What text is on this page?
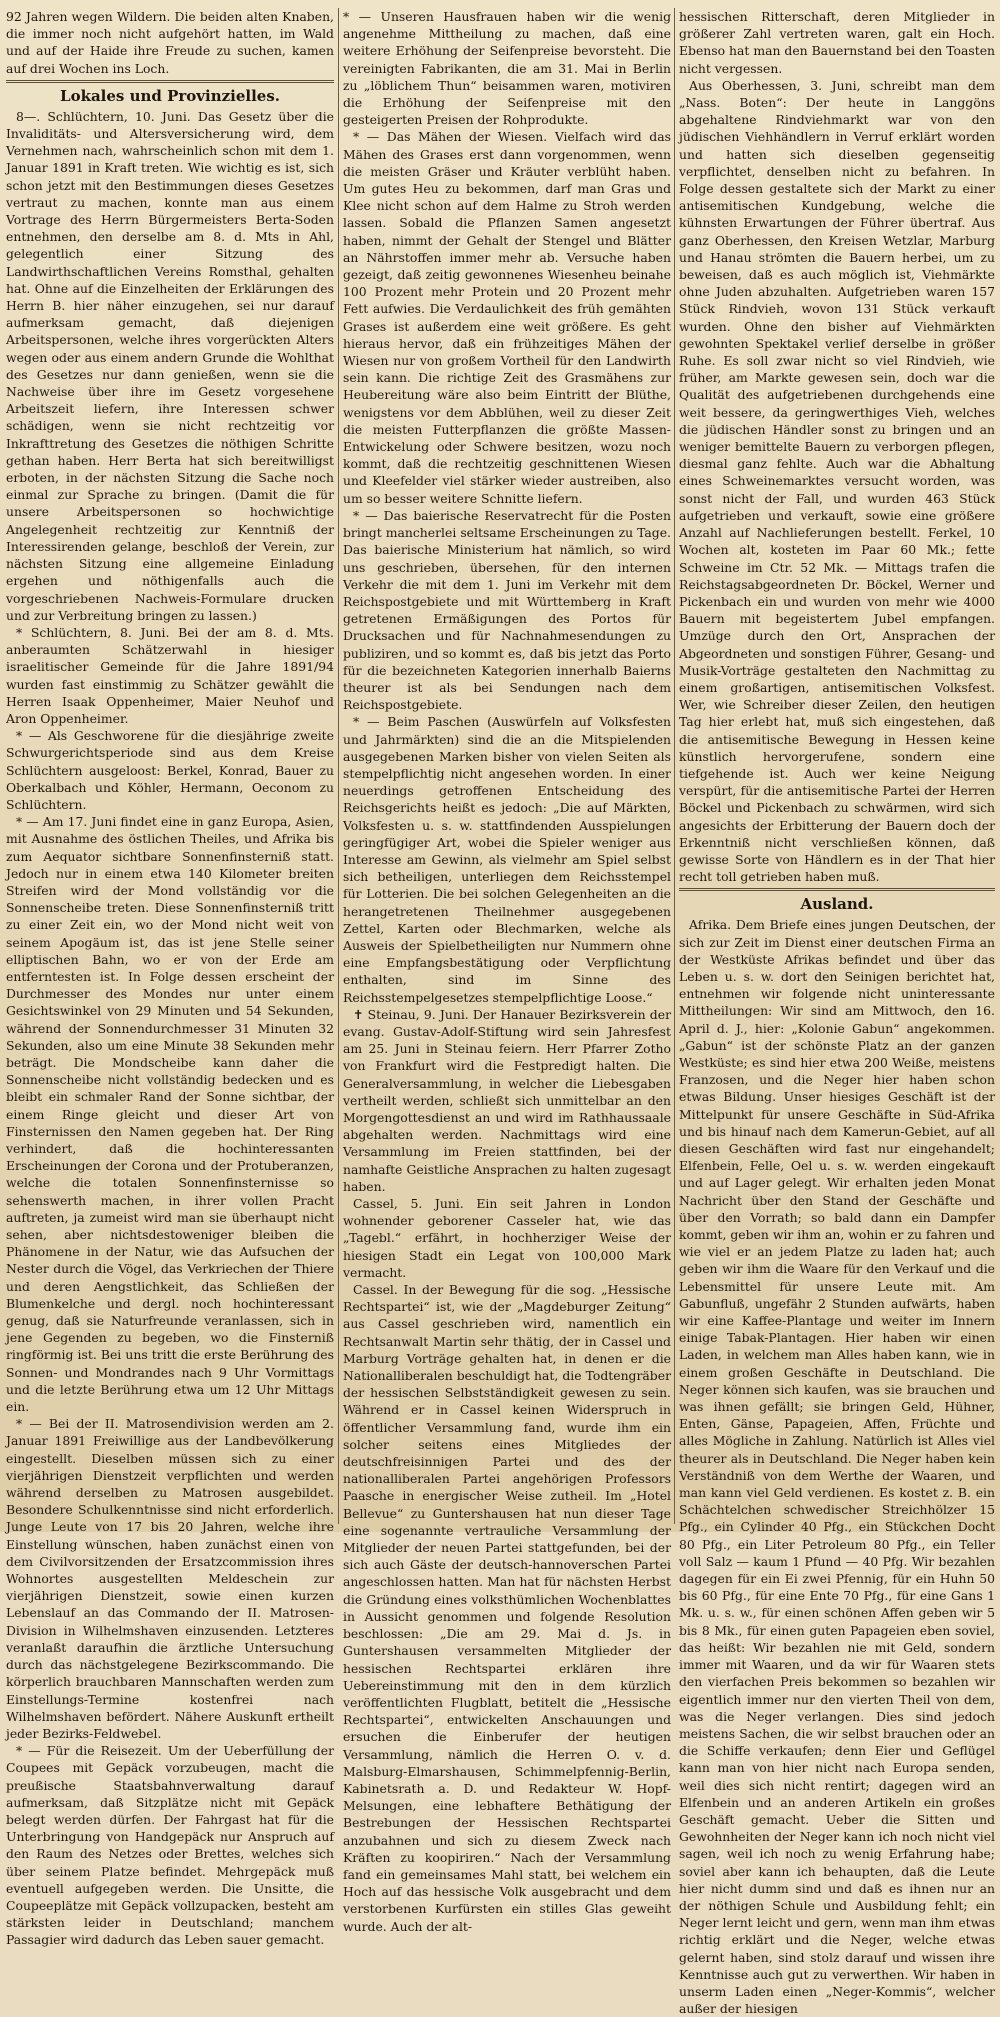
92 Jahren wegen Wildern. Die beiden alten Knaben, die immer noch nicht aufgehört hatten, im Wald und auf der Haide ihre Freude zu suchen, kamen auf drei Wochen ins Loch.

Lokales und Provinzielles.

8—. Schlüchtern, 10. Juni. Das Gesetz über die Invaliditäts- und Altersversicherung wird, dem Vernehmen nach, wahrscheinlich schon mit dem 1. Januar 1891 in Kraft treten. Wie wichtig es ist, sich schon jetzt mit den Bestimmungen dieses Gesetzes vertraut zu machen, konnte man aus einem Vortrage des Herrn Bürgermeisters Berta-Soden entnehmen, den derselbe am 8. d. Mts in Ahl, gelegentlich einer Sitzung des Landwirthschaftlichen Vereins Romsthal, gehalten hat. Ohne auf die Einzelheiten der Erklärungen des Herrn B. hier näher einzugehen, sei nur darauf aufmerksam gemacht, daß diejenigen Arbeitspersonen, welche ihres vorgerückten Alters wegen oder aus einem andern Grunde die Wohlthat des Gesetzes nur dann genießen, wenn sie die Nachweise über ihre im Gesetz vorgesehene Arbeitszeit liefern, ihre Interessen schwer schädigen, wenn sie nicht rechtzeitig vor Inkrafttretung des Gesetzes die nöthigen Schritte gethan haben. Herr Berta hat sich bereitwilligst erboten, in der nächsten Sitzung die Sache noch einmal zur Sprache zu bringen. (Damit die für unsere Arbeitspersonen so hochwichtige Angelegenheit rechtzeitig zur Kenntniß der Interessirenden gelange, beschloß der Verein, zur nächsten Sitzung eine allgemeine Einladung ergehen und nöthigenfalls auch die vorgeschriebenen Nachweis-Formulare drucken und zur Verbreitung bringen zu lassen.)

* Schlüchtern, 8. Juni. Bei der am 8. d. Mts. anberaumten Schätzerwahl in hiesiger israelitischer Gemeinde für die Jahre 1891/94 wurden fast einstimmig zu Schätzer gewählt die Herren Isaak Oppenheimer, Maier Neuhof und Aron Oppenheimer.

* — Als Geschworene für die diesjährige zweite Schwurgerichtsperiode sind aus dem Kreise Schlüchtern ausgeloost: Berkel, Konrad, Bauer zu Oberkalbach und Köhler, Hermann, Oeconom zu Schlüchtern.

* — Am 17. Juni findet eine in ganz Europa, Asien, mit Ausnahme des östlichen Theiles, und Afrika bis zum Aequator sichtbare Sonnenfinsterniß statt. Jedoch nur in einem etwa 140 Kilometer breiten Streifen wird der Mond vollständig vor die Sonnenscheibe treten. Diese Sonnenfinsterniß tritt zu einer Zeit ein, wo der Mond nicht weit von seinem Apogäum ist, das ist jene Stelle seiner elliptischen Bahn, wo er von der Erde am entferntesten ist. In Folge dessen erscheint der Durchmesser des Mondes nur unter einem Gesichtswinkel von 29 Minuten und 54 Sekunden, während der Sonnendurchmesser 31 Minuten 32 Sekunden, also um eine Minute 38 Sekunden mehr beträgt. Die Mondscheibe kann daher die Sonnenscheibe nicht vollständig bedecken und es bleibt ein schmaler Rand der Sonne sichtbar, der einem Ringe gleicht und dieser Art von Finsternissen den Namen gegeben hat. Der Ring verhindert, daß die hochinteressanten Erscheinungen der Corona und der Protuberanzen, welche die totalen Sonnenfinsternisse so sehenswerth machen, in ihrer vollen Pracht auftreten, ja zumeist wird man sie überhaupt nicht sehen, aber nichtsdestoweniger bleiben die Phänomene in der Natur, wie das Aufsuchen der Nester durch die Vögel, das Verkriechen der Thiere und deren Aengstlichkeit, das Schließen der Blumenkelche und dergl. noch hochinteressant genug, daß sie Naturfreunde veranlassen, sich in jene Gegenden zu begeben, wo die Finsterniß ringförmig ist. Bei uns tritt die erste Berührung des Sonnen- und Mondrandes nach 9 Uhr Vormittags und die letzte Berührung etwa um 12 Uhr Mittags ein.

* — Bei der II. Matrosendivision werden am 2. Januar 1891 Freiwillige aus der Landbevölkerung eingestellt. Dieselben müssen sich zu einer vierjährigen Dienstzeit verpflichten und werden während derselben zu Matrosen ausgebildet. Besondere Schulkenntnisse sind nicht erforderlich. Junge Leute von 17 bis 20 Jahren, welche ihre Einstellung wünschen, haben zunächst einen von dem Civilvorsitzenden der Ersatzcommission ihres Wohnortes ausgestellten Meldeschein zur vierjährigen Dienstzeit, sowie einen kurzen Lebenslauf an das Commando der II. Matrosen-Division in Wilhelmshaven einzusenden. Letzteres veranlaßt daraufhin die ärztliche Untersuchung durch das nächstgelegene Bezirkscommando. Die körperlich brauchbaren Mannschaften werden zum Einstellungs-Termine kostenfrei nach Wilhelmshaven befördert. Nähere Auskunft ertheilt jeder Bezirks-Feldwebel.

* — Für die Reisezeit. Um der Ueberfüllung der Coupees mit Gepäck vorzubeugen, macht die preußische Staatsbahnverwaltung darauf aufmerksam, daß Sitzplätze nicht mit Gepäck belegt werden dürfen. Der Fahrgast hat für die Unterbringung von Handgepäck nur Anspruch auf den Raum des Netzes oder Brettes, welches sich über seinem Platze befindet. Mehrgepäck muß eventuell aufgegeben werden. Die Unsitte, die Coupeeplätze mit Gepäck vollzupacken, besteht am stärksten leider in Deutschland; manchem Passagier wird dadurch das Leben sauer gemacht.

* — Unseren Hausfrauen haben wir die wenig angenehme Mittheilung zu machen, daß eine weitere Erhöhung der Seifenpreise bevorsteht. Die vereinigten Fabrikanten, die am 31. Mai in Berlin zu „löblichem Thun“ beisammen waren, motiviren die Erhöhung der Seifenpreise mit den gesteigerten Preisen der Rohprodukte.

* — Das Mähen der Wiesen. Vielfach wird das Mähen des Grases erst dann vorgenommen, wenn die meisten Gräser und Kräuter verblüht haben. Um gutes Heu zu bekommen, darf man Gras und Klee nicht schon auf dem Halme zu Stroh werden lassen. Sobald die Pflanzen Samen angesetzt haben, nimmt der Gehalt der Stengel und Blätter an Nährstoffen immer mehr ab. Versuche haben gezeigt, daß zeitig gewonnenes Wiesenheu beinahe 100 Prozent mehr Protein und 20 Prozent mehr Fett aufwies. Die Verdaulichkeit des früh gemähten Grases ist außerdem eine weit größere. Es geht hieraus hervor, daß ein frühzeitiges Mähen der Wiesen nur von großem Vortheil für den Landwirth sein kann. Die richtige Zeit des Grasmähens zur Heubereitung wäre also beim Eintritt der Blüthe, wenigstens vor dem Abblühen, weil zu dieser Zeit die meisten Futterpflanzen die größte Massen-Entwickelung oder Schwere besitzen, wozu noch kommt, daß die rechtzeitig geschnittenen Wiesen und Kleefelder viel stärker wieder austreiben, also um so besser weitere Schnitte liefern.

* — Das baierische Reservatrecht für die Posten bringt mancherlei seltsame Erscheinungen zu Tage. Das baierische Ministerium hat nämlich, so wird uns geschrieben, übersehen, für den internen Verkehr die mit dem 1. Juni im Verkehr mit dem Reichspostgebiete und mit Württemberg in Kraft getretenen Ermäßigungen des Portos für Drucksachen und für Nachnahmesendungen zu publiziren, und so kommt es, daß bis jetzt das Porto für die bezeichneten Kategorien innerhalb Baierns theurer ist als bei Sendungen nach dem Reichspostgebiete.

* — Beim Paschen (Auswürfeln auf Volksfesten und Jahrmärkten) sind die an die Mitspielenden ausgegebenen Marken bisher von vielen Seiten als stempelpflichtig nicht angesehen worden. In einer neuerdings getroffenen Entscheidung des Reichsgerichts heißt es jedoch: „Die auf Märkten, Volksfesten u. s. w. stattfindenden Ausspielungen geringfügiger Art, wobei die Spieler weniger aus Interesse am Gewinn, als vielmehr am Spiel selbst sich betheiligen, unterliegen dem Reichsstempel für Lotterien. Die bei solchen Gelegenheiten an die herangetretenen Theilnehmer ausgegebenen Zettel, Karten oder Blechmarken, welche als Ausweis der Spielbetheiligten nur Nummern ohne eine Empfangsbestätigung oder Verpflichtung enthalten, sind im Sinne des Reichsstempelgesetzes stempelpflichtige Loose.“

✝ Steinau, 9. Juni. Der Hanauer Bezirksverein der evang. Gustav-Adolf-Stiftung wird sein Jahresfest am 25. Juni in Steinau feiern. Herr Pfarrer Zotho von Frankfurt wird die Festpredigt halten. Die Generalversammlung, in welcher die Liebesgaben vertheilt werden, schließt sich unmittelbar an den Morgengottesdienst an und wird im Rathhaussaale abgehalten werden. Nachmittags wird eine Versammlung im Freien stattfinden, bei der namhafte Geistliche Ansprachen zu halten zugesagt haben.

Cassel, 5. Juni. Ein seit Jahren in London wohnender geborener Casseler hat, wie das „Tagebl.“ erfährt, in hochherziger Weise der hiesigen Stadt ein Legat von 100,000 Mark vermacht.

Cassel. In der Bewegung für die sog. „Hessische Rechtspartei“ ist, wie der „Magdeburger Zeitung“ aus Cassel geschrieben wird, namentlich ein Rechtsanwalt Martin sehr thätig, der in Cassel und Marburg Vorträge gehalten hat, in denen er die Nationalliberalen beschuldigt hat, die Todtengräber der hessischen Selbstständigkeit gewesen zu sein. Während er in Cassel keinen Widerspruch in öffentlicher Versammlung fand, wurde ihm ein solcher seitens eines Mitgliedes der deutschfreisinnigen Partei und des der nationalliberalen Partei angehörigen Professors Paasche in energischer Weise zutheil. Im „Hotel Bellevue“ zu Guntershausen hat nun dieser Tage eine sogenannte vertrauliche Versammlung der Mitglieder der neuen Partei stattgefunden, bei der sich auch Gäste der deutsch-hannoverschen Partei angeschlossen hatten. Man hat für nächsten Herbst die Gründung eines volksthümlichen Wochenblattes in Aussicht genommen und folgende Resolution beschlossen: „Die am 29. Mai d. Js. in Guntershausen versammelten Mitglieder der hessischen Rechtspartei erklären ihre Uebereinstimmung mit den in dem kürzlich veröffentlichten Flugblatt, betitelt die „Hessische Rechtspartei“, entwickelten Anschauungen und ersuchen die Einberufer der heutigen Versammlung, nämlich die Herren O. v. d. Malsburg-Elmarshausen, Schimmelpfennig-Berlin, Kabinetsrath a. D. und Redakteur W. Hopf-Melsungen, eine lebhaftere Bethätigung der Bestrebungen der Hessischen Rechtspartei anzubahnen und sich zu diesem Zweck nach Kräften zu koopiriren.“ Nach der Versammlung fand ein gemeinsames Mahl statt, bei welchem ein Hoch auf das hessische Volk ausgebracht und dem verstorbenen Kurfürsten ein stilles Glas geweiht wurde. Auch der alt-

hessischen Ritterschaft, deren Mitglieder in größerer Zahl vertreten waren, galt ein Hoch. Ebenso hat man den Bauernstand bei den Toasten nicht vergessen.

Aus Oberhessen, 3. Juni, schreibt man dem „Nass. Boten“: Der heute in Langgöns abgehaltene Rindviehmarkt war von den jüdischen Viehhändlern in Verruf erklärt worden und hatten sich dieselben gegenseitig verpflichtet, denselben nicht zu befahren. In Folge dessen gestaltete sich der Markt zu einer antisemitischen Kundgebung, welche die kühnsten Erwartungen der Führer übertraf. Aus ganz Oberhessen, den Kreisen Wetzlar, Marburg und Hanau strömten die Bauern herbei, um zu beweisen, daß es auch möglich ist, Viehmärkte ohne Juden abzuhalten. Aufgetrieben waren 157 Stück Rindvieh, wovon 131 Stück verkauft wurden. Ohne den bisher auf Viehmärkten gewohnten Spektakel verlief derselbe in größer Ruhe. Es soll zwar nicht so viel Rindvieh, wie früher, am Markte gewesen sein, doch war die Qualität des aufgetriebenen durchgehends eine weit bessere, da geringwerthiges Vieh, welches die jüdischen Händler sonst zu bringen und an weniger bemittelte Bauern zu verborgen pflegen, diesmal ganz fehlte. Auch war die Abhaltung eines Schweinemarktes versucht worden, was sonst nicht der Fall, und wurden 463 Stück aufgetrieben und verkauft, sowie eine größere Anzahl auf Nachlieferungen bestellt. Ferkel, 10 Wochen alt, kosteten im Paar 60 Mk.; fette Schweine im Ctr. 52 Mk. — Mittags trafen die Reichstagsabgeordneten Dr. Böckel, Werner und Pickenbach ein und wurden von mehr wie 4000 Bauern mit begeistertem Jubel empfangen. Umzüge durch den Ort, Ansprachen der Abgeordneten und sonstigen Führer, Gesang- und Musik-Vorträge gestalteten den Nachmittag zu einem großartigen, antisemitischen Volksfest. Wer, wie Schreiber dieser Zeilen, den heutigen Tag hier erlebt hat, muß sich eingestehen, daß die antisemitische Bewegung in Hessen keine künstlich hervorgerufene, sondern eine tiefgehende ist. Auch wer keine Neigung verspürt, für die antisemitische Partei der Herren Böckel und Pickenbach zu schwärmen, wird sich angesichts der Erbitterung der Bauern doch der Erkenntniß nicht verschließen können, daß gewisse Sorte von Händlern es in der That hier recht toll getrieben haben muß.

Ausland.

Afrika. Dem Briefe eines jungen Deutschen, der sich zur Zeit im Dienst einer deutschen Firma an der Westküste Afrikas befindet und über das Leben u. s. w. dort den Seinigen berichtet hat, entnehmen wir folgende nicht uninteressante Mittheilungen: Wir sind am Mittwoch, den 16. April d. J., hier: „Kolonie Gabun“ angekommen. „Gabun“ ist der schönste Platz an der ganzen Westküste; es sind hier etwa 200 Weiße, meistens Franzosen, und die Neger hier haben schon etwas Bildung. Unser hiesiges Geschäft ist der Mittelpunkt für unsere Geschäfte in Süd-Afrika und bis hinauf nach dem Kamerun-Gebiet, auf all diesen Geschäften wird fast nur eingehandelt; Elfenbein, Felle, Oel u. s. w. werden eingekauft und auf Lager gelegt. Wir erhalten jeden Monat Nachricht über den Stand der Geschäfte und über den Vorrath; so bald dann ein Dampfer kommt, geben wir ihm an, wohin er zu fahren und wie viel er an jedem Platze zu laden hat; auch geben wir ihm die Waare für den Verkauf und die Lebensmittel für unsere Leute mit. Am Gabunfluß, ungefähr 2 Stunden aufwärts, haben wir eine Kaffee-Plantage und weiter im Innern einige Tabak-Plantagen. Hier haben wir einen Laden, in welchem man Alles haben kann, wie in einem großen Geschäfte in Deutschland. Die Neger können sich kaufen, was sie brauchen und was ihnen gefällt; sie bringen Geld, Hühner, Enten, Gänse, Papageien, Affen, Früchte und alles Mögliche in Zahlung. Natürlich ist Alles viel theurer als in Deutschland. Die Neger haben kein Verständniß von dem Werthe der Waaren, und man kann viel Geld verdienen. Es kostet z. B. ein Schächtelchen schwedischer Streichhölzer 15 Pfg., ein Cylinder 40 Pfg., ein Stückchen Docht 80 Pfg., ein Liter Petroleum 80 Pfg., ein Teller voll Salz — kaum 1 Pfund — 40 Pfg. Wir bezahlen dagegen für ein Ei zwei Pfennig, für ein Huhn 50 bis 60 Pfg., für eine Ente 70 Pfg., für eine Gans 1 Mk. u. s. w., für einen schönen Affen geben wir 5 bis 8 Mk., für einen guten Papageien eben soviel, das heißt: Wir bezahlen nie mit Geld, sondern immer mit Waaren, und da wir für Waaren stets den vierfachen Preis bekommen so bezahlen wir eigentlich immer nur den vierten Theil von dem, was die Neger verlangen. Dies sind jedoch meistens Sachen, die wir selbst brauchen oder an die Schiffe verkaufen; denn Eier und Geflügel kann man von hier nicht nach Europa senden, weil dies sich nicht rentirt; dagegen wird an Elfenbein und an anderen Artikeln ein großes Geschäft gemacht. Ueber die Sitten und Gewohnheiten der Neger kann ich noch nicht viel sagen, weil ich noch zu wenig Erfahrung habe; soviel aber kann ich behaupten, daß die Leute hier nicht dumm sind und daß es ihnen nur an der nöthigen Schule und Ausbildung fehlt; ein Neger lernt leicht und gern, wenn man ihm etwas richtig erklärt und die Neger, welche etwas gelernt haben, sind stolz darauf und wissen ihre Kenntnisse auch gut zu verwerthen. Wir haben in unserm Laden einen „Neger-Kommis“, welcher außer der hiesigen
